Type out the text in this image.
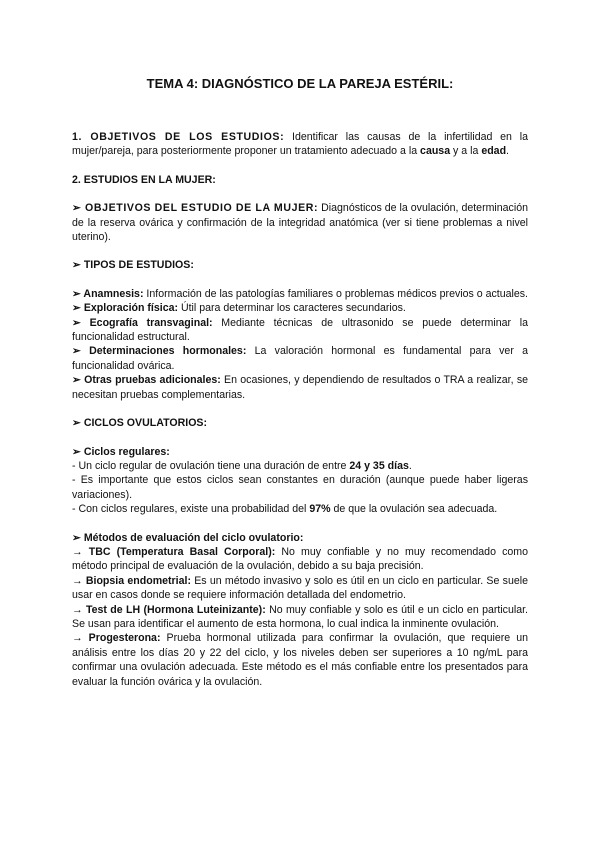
TEMA 4: DIAGNÓSTICO DE LA PAREJA ESTÉRIL:

1. OBJETIVOS DE LOS ESTUDIOS: Identificar las causas de la infertilidad en la mujer/pareja, para posteriormente proponer un tratamiento adecuado a la causa y a la edad.

2. ESTUDIOS EN LA MUJER:

➢ OBJETIVOS DEL ESTUDIO DE LA MUJER: Diagnósticos de la ovulación, determinación de la reserva ovárica y confirmación de la integridad anatómica (ver si tiene problemas a nivel uterino).

➢ TIPOS DE ESTUDIOS:

➢ Anamnesis: Información de las patologías familiares o problemas médicos previos o actuales.

➢ Exploración física: Útil para determinar los caracteres secundarios.

➢ Ecografía transvaginal: Mediante técnicas de ultrasonido se puede determinar la funcionalidad estructural.

➢ Determinaciones hormonales: La valoración hormonal es fundamental para ver a funcionalidad ovárica.

➢ Otras pruebas adicionales: En ocasiones, y dependiendo de resultados o TRA a realizar, se necesitan pruebas complementarias.

➢ CICLOS OVULATORIOS:

➢ Ciclos regulares:

- Un ciclo regular de ovulación tiene una duración de entre 24 y 35 días.

- Es importante que estos ciclos sean constantes en duración (aunque puede haber ligeras variaciones).

- Con ciclos regulares, existe una probabilidad del 97% de que la ovulación sea adecuada.

➢ Métodos de evaluación del ciclo ovulatorio:

→ TBC (Temperatura Basal Corporal): No muy confiable y no muy recomendado como método principal de evaluación de la ovulación, debido a su baja precisión.

→ Biopsia endometrial: Es un método invasivo y solo es útil en un ciclo en particular. Se suele usar en casos donde se requiere información detallada del endometrio.

→ Test de LH (Hormona Luteinizante): No muy confiable y solo es útil e un ciclo en particular. Se usan para identificar el aumento de esta hormona, lo cual indica la inminente ovulación.

→ Progesterona: Prueba hormonal utilizada para confirmar la ovulación, que requiere un análisis entre los días 20 y 22 del ciclo, y los niveles deben ser superiores a 10 ng/mL para confirmar una ovulación adecuada. Este método es el más confiable entre los presentados para evaluar la función ovárica y la ovulación.
